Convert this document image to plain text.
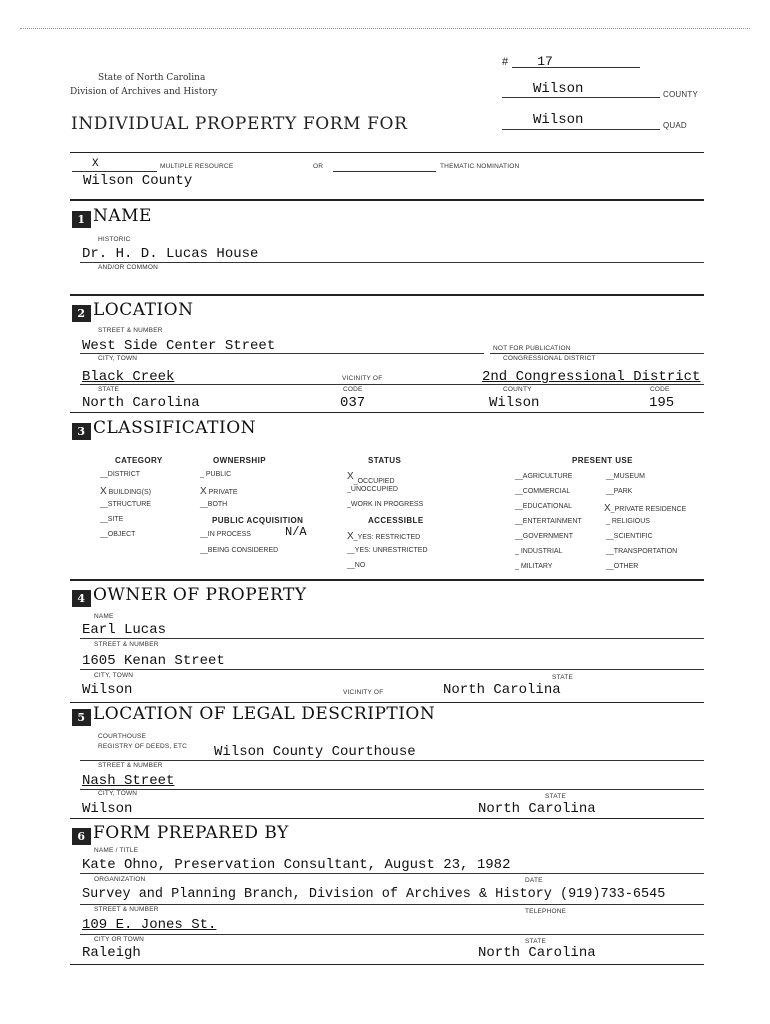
# 17
State of North Carolina
Division of Archives and History	Wilson	COUNTY
INDIVIDUAL PROPERTY FORM FOR	Wilson	QUAD
X	MULTIPLE RESOURCE	OR	THEMATIC NOMINATION
Wilson County
1 NAME
HISTORIC
Dr. H. D. Lucas House
AND/OR COMMON
2 LOCATION
STREET & NUMBER
West Side Center Street	NOT FOR PUBLICATION
CITY, TOWN	CONGRESSIONAL DISTRICT
Black Creek	VICINITY OF	2nd Congressional District
STATE	CODE	COUNTY	CODE
North Carolina	037	Wilson	195
3 CLASSIFICATION
CATEGORY	OWNERSHIP	STATUS	PRESENT USE
__DISTRICT
X BUILDING(S)
__STRUCTURE
__SITE
__OBJECT
_ PUBLIC
X PRIVATE
__BOTH
PUBLIC ACQUISITION
__IN PROCESS	N/A
__BEING CONSIDERED
X_OCCUPIED
_UNOCCUPIED
_WORK IN PROGRESS
ACCESSIBLE
X_YES: RESTRICTED
__YES: UNRESTRICTED
__NO
__AGRICULTURE
__COMMERCIAL
__EDUCATIONAL
__ENTERTAINMENT
__GOVERNMENT
_ INDUSTRIAL
_ MILITARY
__MUSEUM
__PARK
X_PRIVATE RESIDENCE
_ RELIGIOUS
__SCIENTIFIC
__TRANSPORTATION
__OTHER
4 OWNER OF PROPERTY
NAME
Earl Lucas
STREET & NUMBER
1605 Kenan Street
CITY, TOWN	STATE
Wilson	VICINITY OF	North Carolina
5 LOCATION OF LEGAL DESCRIPTION
COURTHOUSE
REGISTRY OF DEEDS, ETC Wilson County Courthouse
STREET & NUMBER
Nash Street
CITY, TOWN	STATE
Wilson	North Carolina
6 FORM PREPARED BY
NAME / TITLE
Kate Ohno, Preservation Consultant, August 23, 1982
ORGANIZATION	DATE
Survey and Planning Branch, Division of Archives & History (919)733-6545
STREET & NUMBER	TELEPHONE
109 E. Jones St.
CITY OR TOWN	STATE
Raleigh	North Carolina
